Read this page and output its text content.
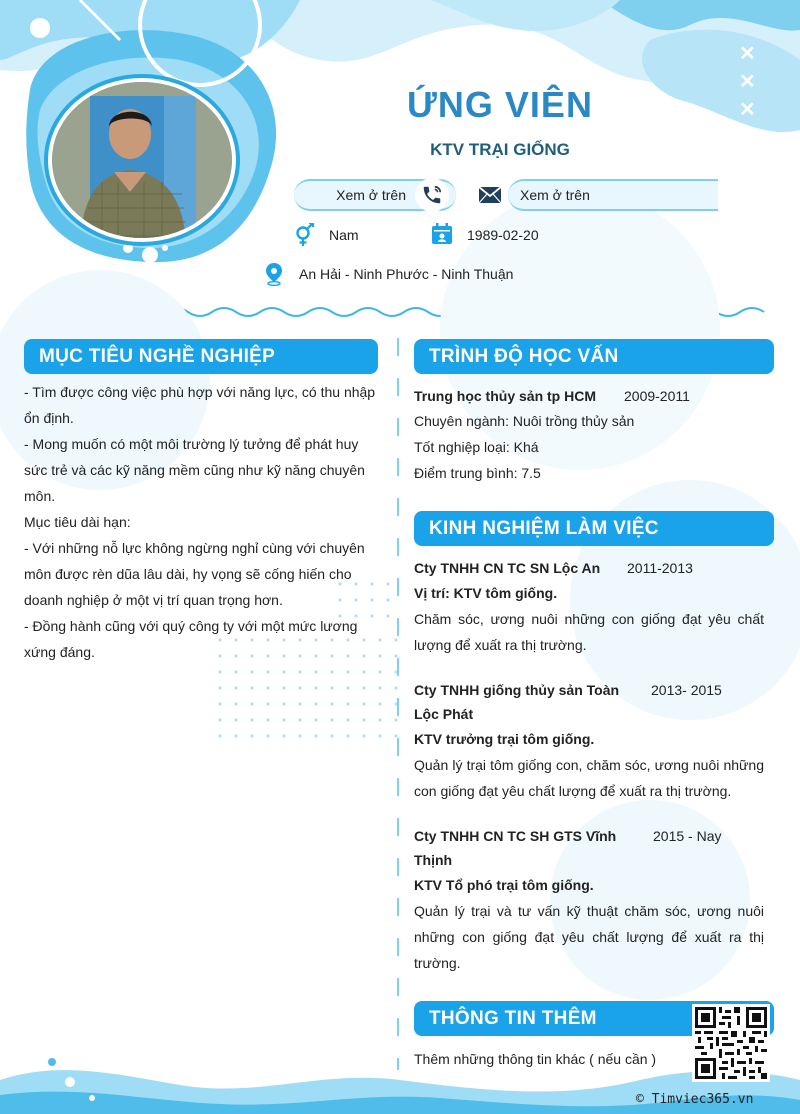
✕
✕
✕
ỨNG VIÊN
KTV TRẠI GIỐNG
Xem ở trên	Xem ở trên
Nam	1989-02-20
An Hải - Ninh Phước - Ninh Thuận
MỤC TIÊU NGHỀ NGHIỆP
- Tìm được công việc phù hợp với năng lực, có thu nhập
ổn định.
- Mong muốn có một môi trường lý tưởng để phát huy
sức trẻ và các kỹ năng mềm cũng như kỹ năng chuyên
môn.
Mục tiêu dài hạn:
- Với những nỗ lực không ngừng nghỉ cùng với chuyên
môn được rèn dũa lâu dài, hy vọng sẽ cống hiến cho
doanh nghiệp ở một vị trí quan trọng hơn.
- Đồng hành cũng với quý công ty với một mức lương
xứng đáng.
TRÌNH ĐỘ HỌC VẤN
Trung học thủy sản tp HCM 2009-2011
Chuyên ngành: Nuôi trồng thủy sản
Tốt nghiệp loại: Khá
Điểm trung bình: 7.5
KINH NGHIỆM LÀM VIỆC
Cty TNHH CN TC SN Lộc An 2011-2013
Vị trí: KTV tôm giống.
Chăm sóc, ương nuôi những con giống đạt yêu chất
lượng để xuất ra thị trường.
Cty TNHH giống thủy sản Toàn 2013- 2015
Lộc Phát
KTV trưởng trại tôm giống.
Quản lý trại tôm giống con, chăm sóc, ương nuôi những
con giống đạt yêu chất lượng để xuất ra thị trường.
Cty TNHH CN TC SH GTS Vĩnh	2015 - Nay
Thịnh
KTV Tổ phó trại tôm giống.
Quản lý trại và tư vấn kỹ thuật chăm sóc, ương nuôi
những con giống đạt yêu chất lượng để xuất ra thị
trường.
THÔNG TIN THÊM
Thêm những thông tin khác ( nếu cần )
© Timviec365.vn
